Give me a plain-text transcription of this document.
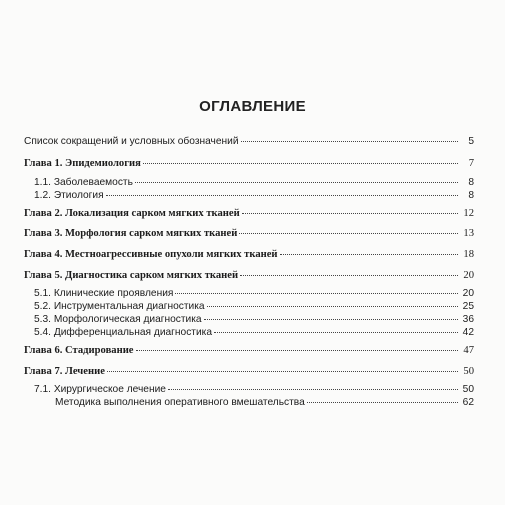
ОГЛАВЛЕНИЕ
Список сокращений и условных обозначений	5
Глава 1. Эпидемиология	7
1.1. Заболеваемость	8
1.2. Этиология	8
Глава 2. Локализация сарком мягких тканей	12
Глава 3. Морфология сарком мягких тканей	13
Глава 4. Местноагрессивные опухоли мягких тканей	18
Глава 5. Диагностика сарком мягких тканей	20
5.1. Клинические проявления	20
5.2. Инструментальная диагностика	25
5.3. Морфологическая диагностика	36
5.4. Дифференциальная диагностика	42
Глава 6. Стадирование	47
Глава 7. Лечение	50
7.1. Хирургическое лечение	50
Методика выполнения оперативного вмешательства	62
